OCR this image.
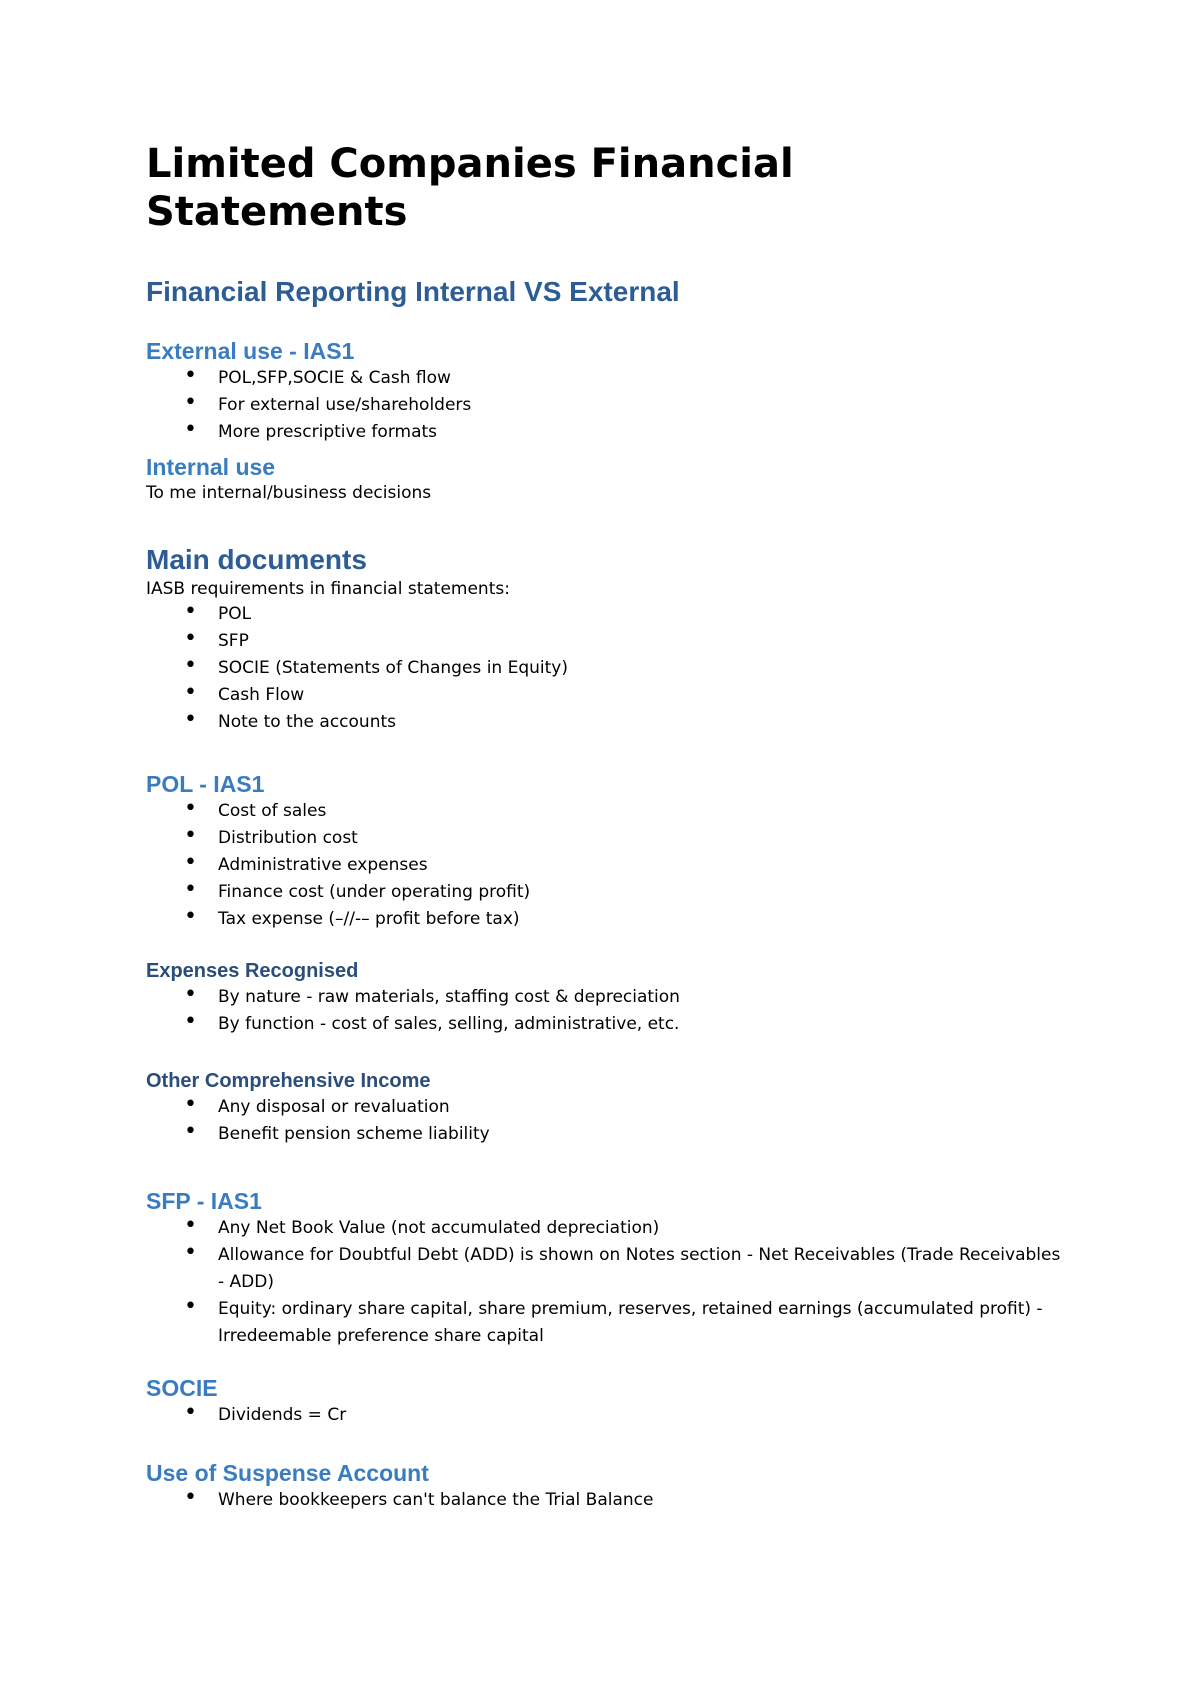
Limited Companies Financial
Statements
Financial Reporting Internal VS External
External use - IAS1
• POL,SFP,SOCIE & Cash flow
• For external use/shareholders
• More prescriptive formats
Internal use

To me internal/business decisions

Main documents

IASB requirements in financial statements:

• POL
• SFP
• SOCIE (Statements of Changes in Equity)
• Cash Flow
• Note to the accounts
POL - IAS1
• Cost of sales
• Distribution cost
• Administrative expenses
• Finance cost (under operating profit)
• Tax expense (–//-– profit before tax)
Expenses Recognised
• By nature - raw materials, staffing cost & depreciation
• By function - cost of sales, selling, administrative, etc.
Other Comprehensive Income
• Any disposal or revaluation
• Benefit pension scheme liability
SFP - IAS1
• Any Net Book Value (not accumulated depreciation)
• Allowance for Doubtful Debt (ADD) is shown on Notes section - Net Receivables (Trade Receivables - ADD)
• Equity: ordinary share capital, share premium, reserves, retained earnings (accumulated profit) - Irredeemable preference share capital
SOCIE
• Dividends = Cr
Use of Suspense Account
• Where bookkeepers can't balance the Trial Balance
